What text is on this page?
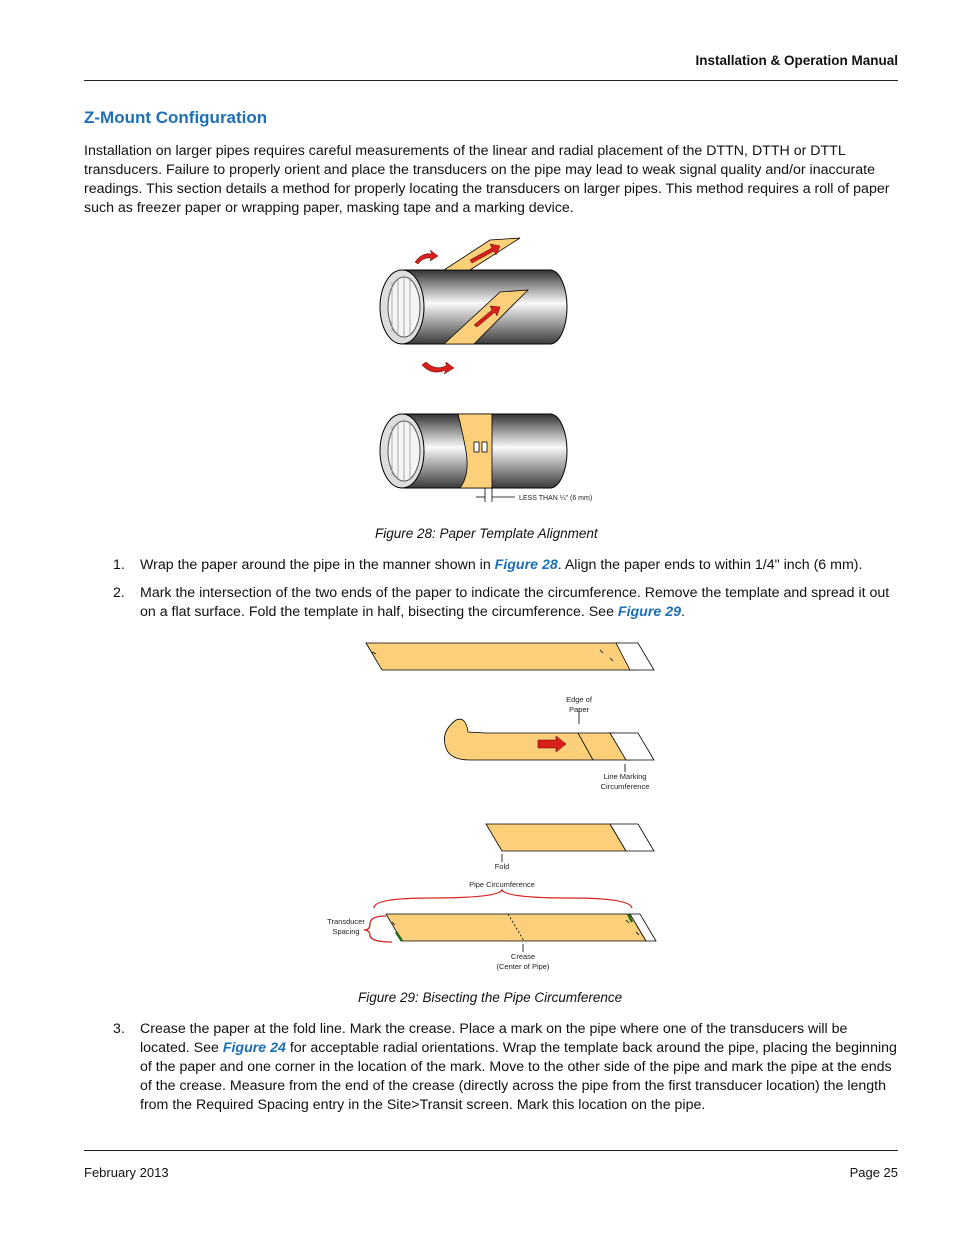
Installation & Operation Manual
Z-Mount Configuration

Installation on larger pipes requires careful measurements of the linear and radial placement of the DTTN, DTTH or DTTL transducers. Failure to properly orient and place the transducers on the pipe may lead to weak signal quality and/or inaccurate readings. This section details a method for properly locating the transducers on larger pipes. This method requires a roll of paper such as freezer paper or wrapping paper, masking tape and a marking device.

LESS THAN ¼" (6 mm)
Figure 28: Paper Template Alignment
1. Wrap the paper around the pipe in the manner shown in Figure 28. Align the paper ends to within 1/4" inch (6 mm).
2. Mark the intersection of the two ends of the paper to indicate the circumference. Remove the template and spread it out on a flat surface. Fold the template in half, bisecting the circumference. See Figure 29.
Edge of
Paper
Line Marking
Circumference
Fold
Pipe Circumference
Transducer
Spacing
Crease
(Center of Pipe)
Figure 29: Bisecting the Pipe Circumference
3. Crease the paper at the fold line. Mark the crease. Place a mark on the pipe where one of the transducers will be located. See Figure 24 for acceptable radial orientations. Wrap the template back around the pipe, placing the beginning of the paper and one corner in the location of the mark. Move to the other side of the pipe and mark the pipe at the ends of the crease. Measure from the end of the crease (directly across the pipe from the first transducer location) the length from the Required Spacing entry in the Site>Transit screen. Mark this location on the pipe.
February 2013	Page 25
